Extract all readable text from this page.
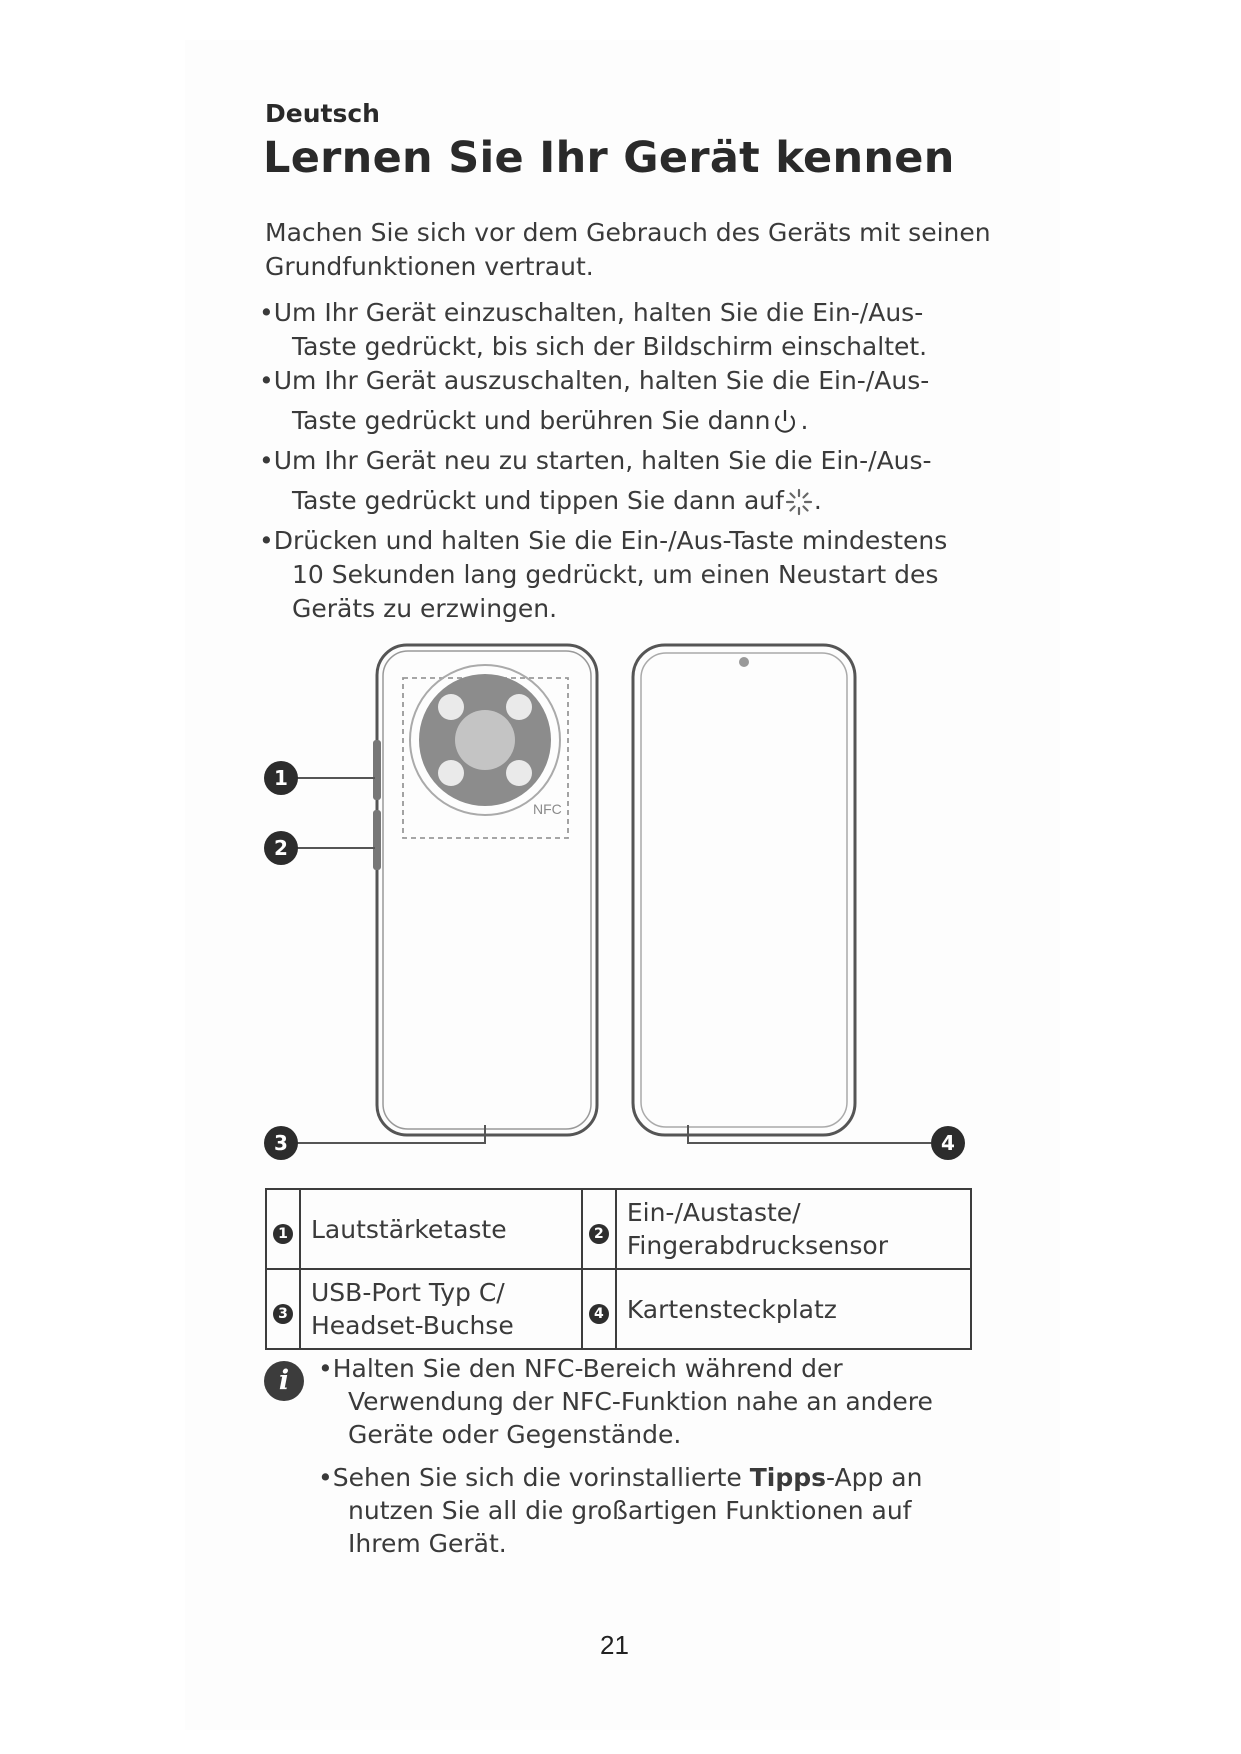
Deutsch
Lernen Sie Ihr Gerät kennen

Machen Sie sich vor dem Gebrauch des Geräts mit seinen
Grundfunktionen vertraut.

•Um Ihr Gerät einzuschalten, halten Sie die Ein-/Aus-
Taste gedrückt, bis sich der Bildschirm einschaltet.
•Um Ihr Gerät auszuschalten, halten Sie die Ein-/Aus-
Taste gedrückt und berühren Sie dann .
•Um Ihr Gerät neu zu starten, halten Sie die Ein-/Aus-
Taste gedrückt und tippen Sie dann auf .
•Drücken und halten Sie die Ein-/Aus-Taste mindestens
10 Sekunden lang gedrückt, um einen Neustart des
Geräts zu erzwingen.
NFC
1
2
3	4
1	Lautstärketaste	2	Ein-/Austaste/
Fingerabdrucksensor
3	USB-Port Typ C/
Headset-Buchse	4	Kartensteckplatz
i	•Halten Sie den NFC-Bereich während der
Verwendung der NFC-Funktion nahe an andere
Geräte oder Gegenstände.
•Sehen Sie sich die vorinstallierte Tipps-App an
nutzen Sie all die großartigen Funktionen auf
Ihrem Gerät.
21
